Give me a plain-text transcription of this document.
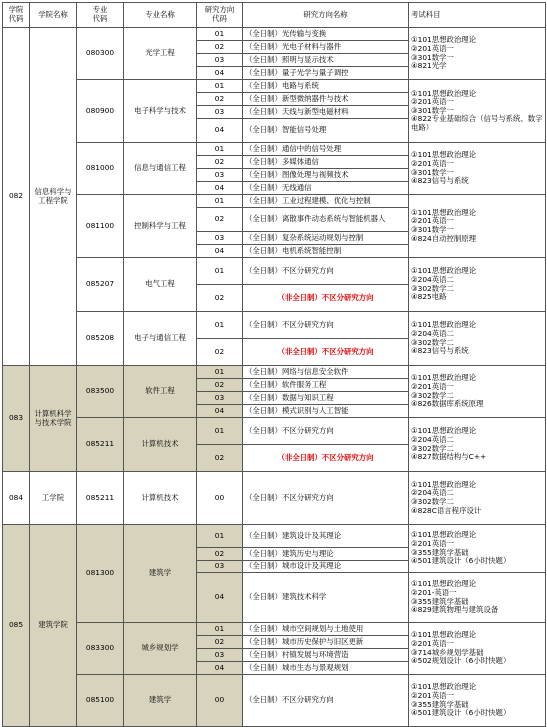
学院
代码	学院名称	专业
代码	专业名称	研究方向
代码	研究方向名称	考试科目
082	信息科学与工程学院	080300	光学工程	01	（全日制）光传输与变换	①101思想政治理论
②201英语一
③301数学一
④821光学
				02	（全日制）光电子材料与器件	
				03	（全日制）照明与显示技术	
				04	（全日制）量子光学与量子调控	
		080900	电子科学与技术	01	（全日制）电路与系统	①101思想政治理论
②201英语一
③301数学一
④822专业基础综合（信号与系统、数字电路）
				02	（全日制）新型微纳器件与技术	
				03	（全日制）天线与新型电磁材料	
				04	（全日制）智能信号处理	
		081000	信息与通信工程	01	（全日制）通信中的信号处理	①101思想政治理论
②201英语一
③301数学一
④823信号与系统
				02	（全日制）多媒体通信	
				03	（全日制）图像处理与视频技术	
				04	（全日制）无线通信	
		081100	控制科学与工程	01	（全日制）工业过程建模、优化与控制	①101思想政治理论
②201英语一
③301数学一
④824自动控制原理
				02	（全日制）离散事件动态系统与智能机器人	
				03	（全日制）复杂系统运动规划与控制	
				04	（全日制）电机系统智能控制	
		085207	电气工程	01	（全日制）不区分研究方向	①101思想政治理论
②204英语二
③302数学二
④825电路
				02	（非全日制）不区分研究方向	
		085208	电子与通信工程	01	（全日制）不区分研究方向	①101思想政治理论
②204英语二
③302数学二
④823信号与系统
				02	（非全日制）不区分研究方向	
083	计算机科学与技术学院	083500	软件工程	01	（全日制）网络与信息安全软件	①101思想政治理论
②201英语一
③302数学二
④826数据库系统原理
				02	（全日制）软件服务工程	
				03	（全日制）数据与知识工程	
				04	（全日制）模式识别与人工智能	
		085211	计算机技术	01	（全日制）不区分研究方向	①101思想政治理论
②204英语二
③302数学二
④827数据结构与C++
				02	（非全日制）不区分研究方向	
084	工学院	085211	计算机技术	00	（全日制）不区分研究方向	①101思想政治理论
②204英语二
③302数学二
④828C语言程序设计
085	建筑学院	081300	建筑学	01	（全日制）建筑设计及其理论	①101思想政治理论
②201英语一
③355建筑学基础
④501建筑设计（6小时快题）
				02	（全日制）建筑历史与理论	
				03	（全日制）城市设计及其理论	
				04	（全日制）建筑技术科学	①101思想政治理论
②201-英语一
③355建筑学基础
④829建筑物理与建筑设备
		083300	城乡规划学	01	（全日制）城市空间规划与土地使用	①101思想政治理论
②201英语一
③714城乡规划学基础
④502规划设计（6小时快题）
				02	（全日制）城市历史保护与旧区更新	
				03	（全日制）村镇发展与环境营造	
				04	（全日制）城市生态与景观规划	
		085100	建筑学	00	（全日制）不区分研究方向	①101思想政治理论
②201英语一
③355建筑学基础
④501建筑设计（6小时快题）
